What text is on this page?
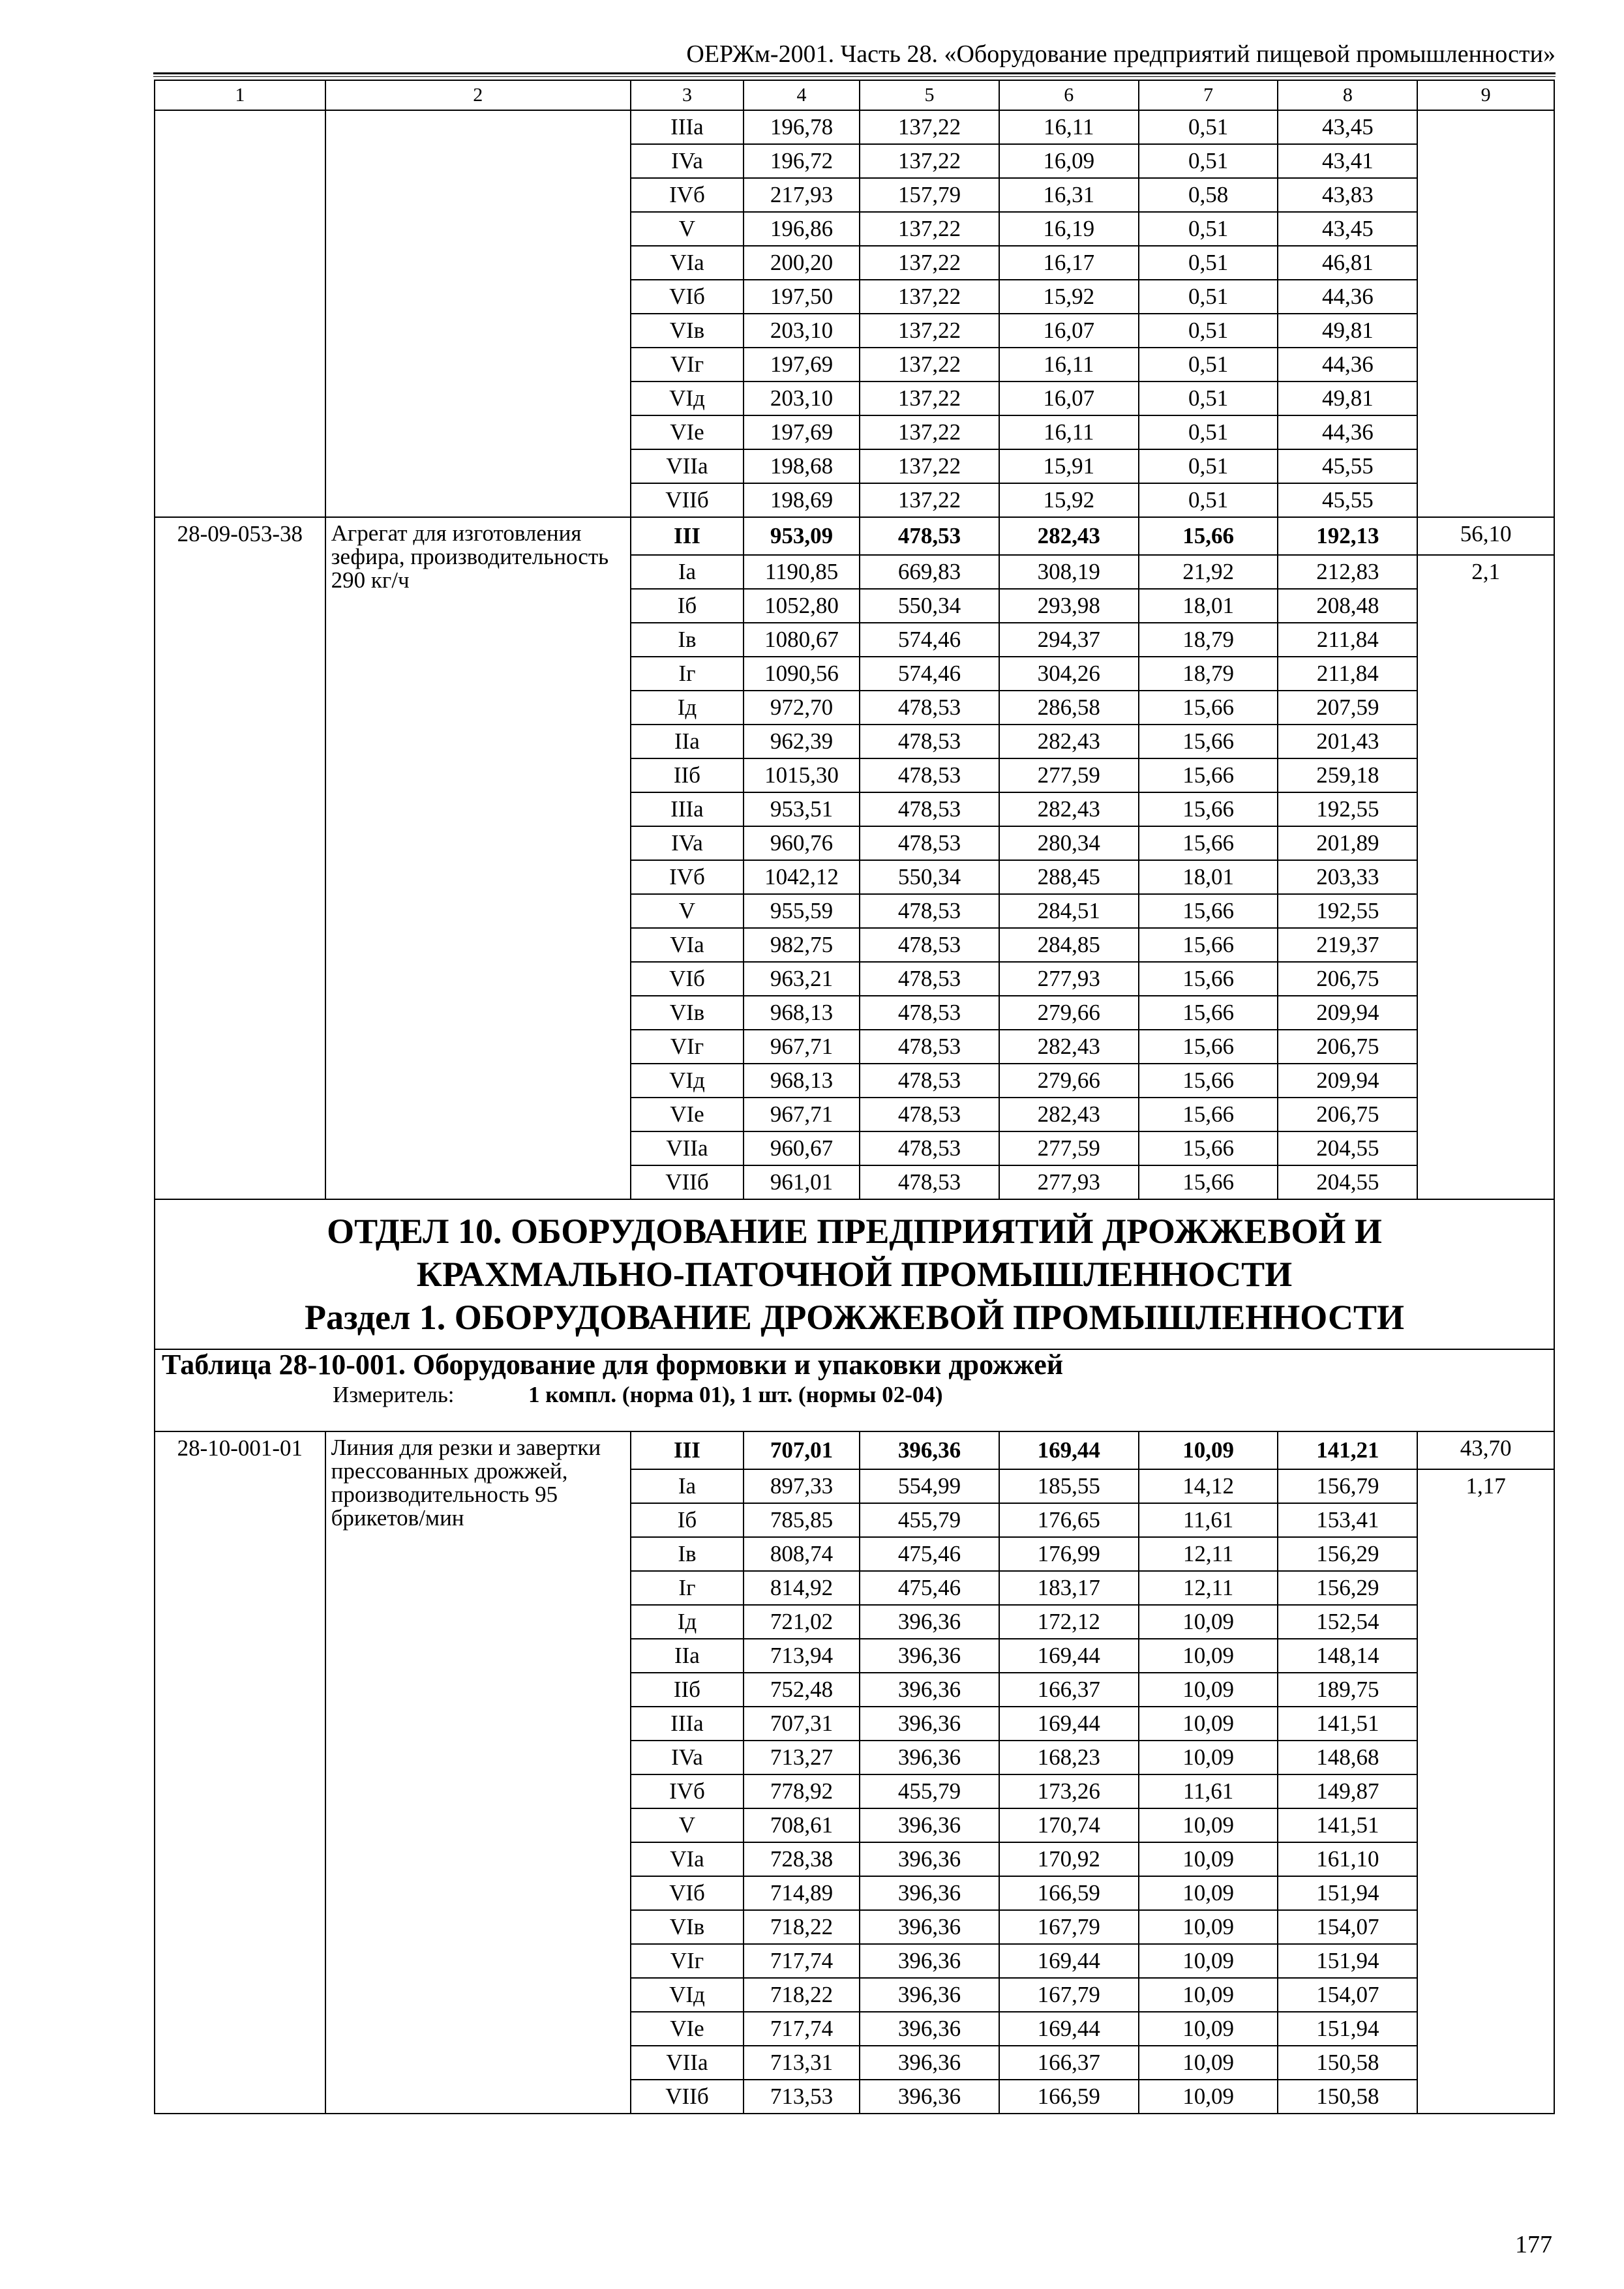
ОЕРЖм-2001. Часть 28. «Оборудование предприятий пищевой промышленности»
1	2	3	4	5	6	7	8	9
		IIIa	196,78	137,22	16,11	0,51	43,45	
		IVa	196,72	137,22	16,09	0,51	43,41	
		IVб	217,93	157,79	16,31	0,58	43,83	
		V	196,86	137,22	16,19	0,51	43,45	
		VIa	200,20	137,22	16,17	0,51	46,81	
		VIб	197,50	137,22	15,92	0,51	44,36	
		VIв	203,10	137,22	16,07	0,51	49,81	
		VIг	197,69	137,22	16,11	0,51	44,36	
		VIд	203,10	137,22	16,07	0,51	49,81	
		VIe	197,69	137,22	16,11	0,51	44,36	
		VIIa	198,68	137,22	15,91	0,51	45,55	
		VIIб	198,69	137,22	15,92	0,51	45,55	
28-09-053-38	Агрегат для изготовления зефира, производительность 290 кг/ч	III	953,09	478,53	282,43	15,66	192,13	56,10
		Ia	1190,85	669,83	308,19	21,92	212,83	2,1
		Iб	1052,80	550,34	293,98	18,01	208,48	
		Iв	1080,67	574,46	294,37	18,79	211,84	
		Iг	1090,56	574,46	304,26	18,79	211,84	
		Iд	972,70	478,53	286,58	15,66	207,59	
		IIa	962,39	478,53	282,43	15,66	201,43	
		IIб	1015,30	478,53	277,59	15,66	259,18	
		IIIa	953,51	478,53	282,43	15,66	192,55	
		IVa	960,76	478,53	280,34	15,66	201,89	
		IVб	1042,12	550,34	288,45	18,01	203,33	
		V	955,59	478,53	284,51	15,66	192,55	
		VIa	982,75	478,53	284,85	15,66	219,37	
		VIб	963,21	478,53	277,93	15,66	206,75	
		VIв	968,13	478,53	279,66	15,66	209,94	
		VIг	967,71	478,53	282,43	15,66	206,75	
		VIд	968,13	478,53	279,66	15,66	209,94	
		VIe	967,71	478,53	282,43	15,66	206,75	
		VIIa	960,67	478,53	277,59	15,66	204,55	
		VIIб	961,01	478,53	277,93	15,66	204,55	

ОТДЕЛ 10. ОБОРУДОВАНИЕ ПРЕДПРИЯТИЙ ДРОЖЖЕВОЙ И
КРАХМАЛЬНО-ПАТОЧНОЙ ПРОМЫШЛЕННОСТИ
Раздел 1. ОБОРУДОВАНИЕ ДРОЖЖЕВОЙ ПРОМЫШЛЕННОСТИ								

Таблица 28-10-001. Оборудование для формовки и упаковки дрожжей
Измеритель: 1 компл. (норма 01), 1 шт. (нормы 02-04)								

28-10-001-01	Линия для резки и завертки прессованных дрожжей, производительность 95 брикетов/мин	III	707,01	396,36	169,44	10,09	141,21	43,70
		Ia	897,33	554,99	185,55	14,12	156,79	1,17
		Iб	785,85	455,79	176,65	11,61	153,41	
		Iв	808,74	475,46	176,99	12,11	156,29	
		Iг	814,92	475,46	183,17	12,11	156,29	
		Iд	721,02	396,36	172,12	10,09	152,54	
		IIa	713,94	396,36	169,44	10,09	148,14	
		IIб	752,48	396,36	166,37	10,09	189,75	
		IIIa	707,31	396,36	169,44	10,09	141,51	
		IVa	713,27	396,36	168,23	10,09	148,68	
		IVб	778,92	455,79	173,26	11,61	149,87	
		V	708,61	396,36	170,74	10,09	141,51	
		VIa	728,38	396,36	170,92	10,09	161,10	
		VIб	714,89	396,36	166,59	10,09	151,94	
		VIв	718,22	396,36	167,79	10,09	154,07	
		VIг	717,74	396,36	169,44	10,09	151,94	
		VIд	718,22	396,36	167,79	10,09	154,07	
		VIe	717,74	396,36	169,44	10,09	151,94	
		VIIa	713,31	396,36	166,37	10,09	150,58	
		VIIб	713,53	396,36	166,59	10,09	150,58	
177
